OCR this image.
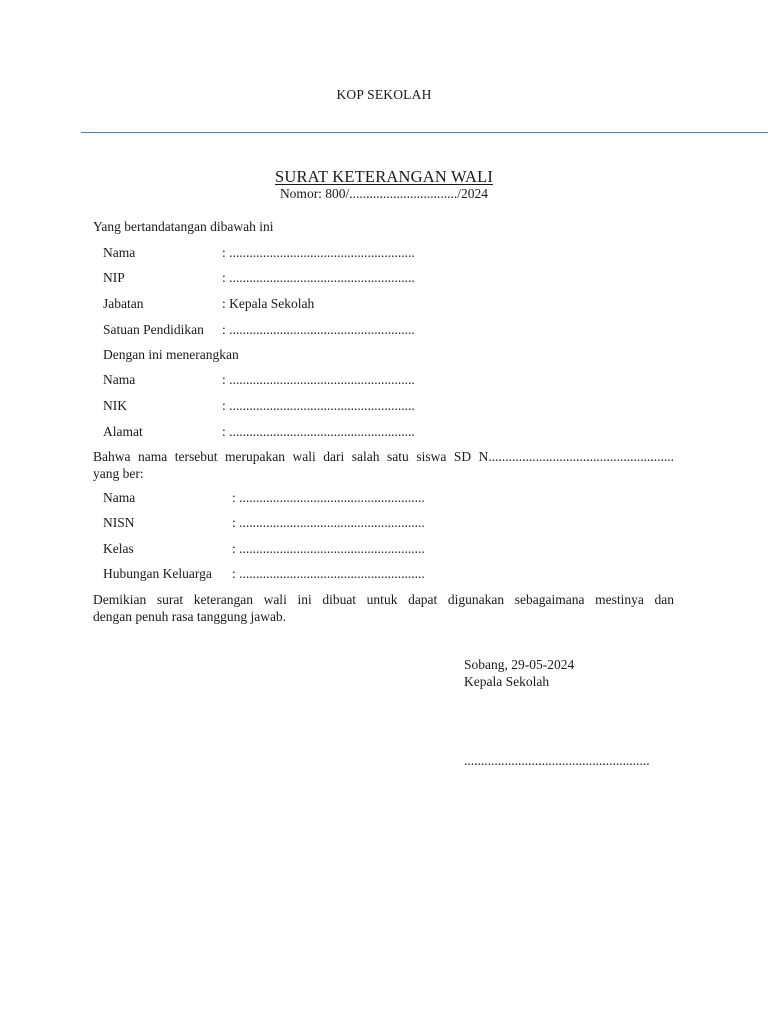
KOP SEKOLAH
SURAT KETERANGAN WALI
Nomor: 800/................................/2024
Yang bertandatangan dibawah ini
Nama	: .......................................................
NIP	: .......................................................
Jabatan	: Kepala Sekolah
Satuan Pendidikan : .......................................................
Dengan ini menerangkan
Nama	: .......................................................
NIK	: .......................................................
Alamat	: .......................................................
Bahwa nama tersebut merupakan wali dari salah satu siswa SD N.......................................................
yang ber:
Nama	: .......................................................
NISN	: .......................................................
Kelas	: .......................................................
Hubungan Keluarga : .......................................................
Demikian surat keterangan wali ini dibuat untuk dapat digunakan sebagaimana mestinya dan
dengan penuh rasa tanggung jawab.
Sobang, 29-05-2024
Kepala Sekolah
.......................................................
